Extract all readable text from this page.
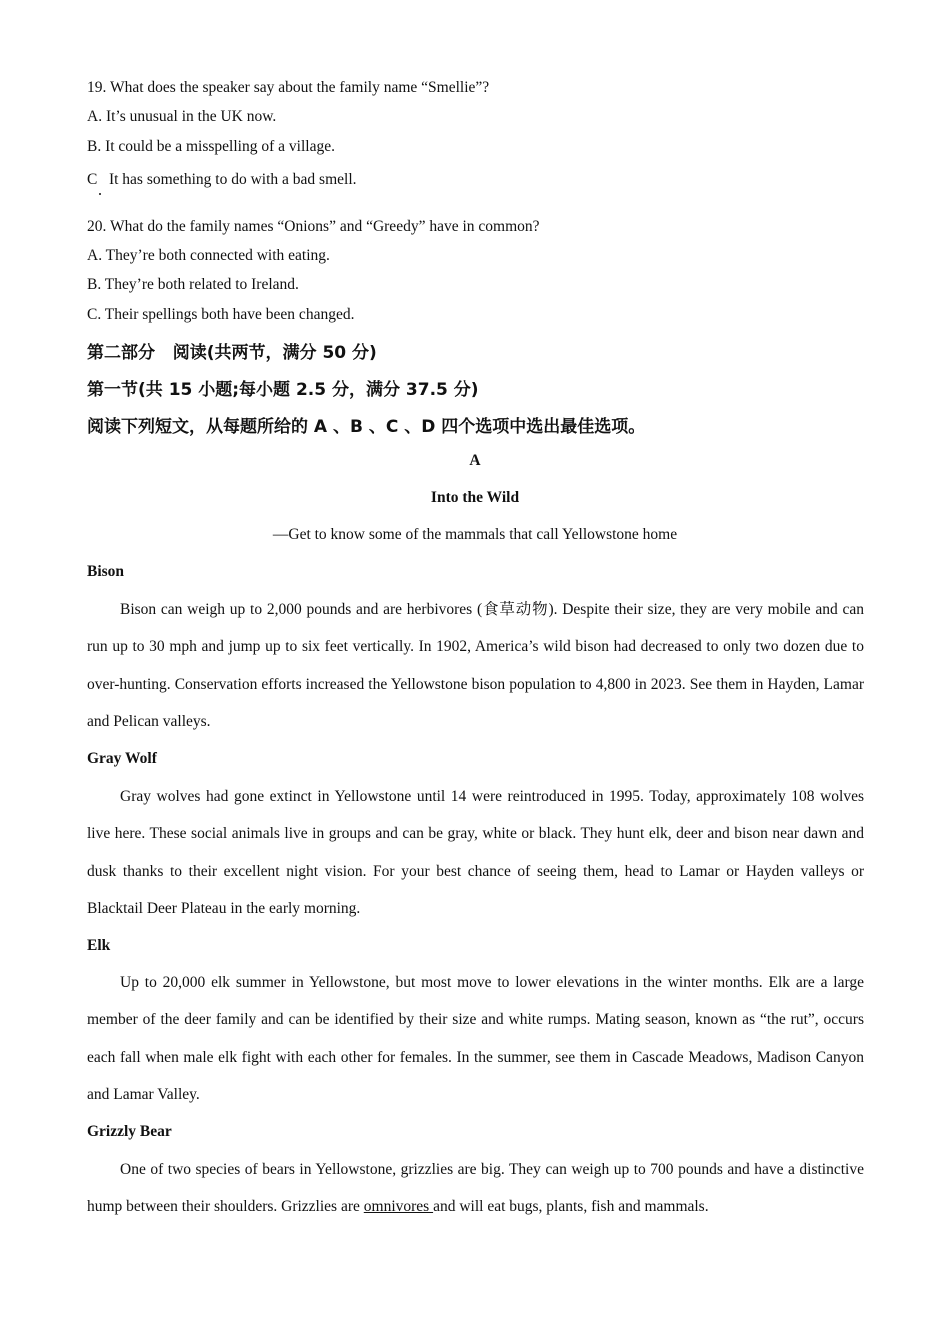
19. What does the speaker say about the family name “Smellie”?
A. It’s unusual in the UK now.
B. It could be a misspelling of a village.
C   It has something to do with a bad smell.
20. What do the family names “Onions” and “Greedy” have in common?
A. They’re both connected with eating.
B. They’re both related to Ireland.
C. Their spellings both have been changed.
第二部分   阅读(共两节，满分 50 分)
第一节(共 15 小题;每小题 2.5 分，满分 37.5 分)
阅读下列短文，从每题所给的 A 、B 、C 、D 四个选项中选出最佳选项。
A
Into the Wild
—Get to know some of the mammals that call Yellowstone home
Bison
Bison can weigh up to 2,000 pounds and are herbivores (食草动物). Despite their size, they are very mobile and can run up to 30 mph and jump up to six feet vertically. In 1902, America’s wild bison had decreased to only two dozen due to over-hunting. Conservation efforts increased the Yellowstone bison population to 4,800 in 2023. See them in Hayden, Lamar and Pelican valleys.
Gray Wolf
Gray wolves had gone extinct in Yellowstone until 14 were reintroduced in 1995. Today, approximately 108 wolves live here. These social animals live in groups and can be gray, white or black. They hunt elk, deer and bison near dawn and dusk thanks to their excellent night vision. For your best chance of seeing them, head to Lamar or Hayden valleys or Blacktail Deer Plateau in the early morning.
Elk
Up to 20,000 elk summer in Yellowstone, but most move to lower elevations in the winter months. Elk are a large member of the deer family and can be identified by their size and white rumps. Mating season, known as “the rut”, occurs each fall when male elk fight with each other for females. In the summer, see them in Cascade Meadows, Madison Canyon and Lamar Valley.
Grizzly Bear
One of two species of bears in Yellowstone, grizzlies are big. They can weigh up to 700 pounds and have a distinctive hump between their shoulders. Grizzlies are omnivores and will eat bugs, plants, fish and mammals.
